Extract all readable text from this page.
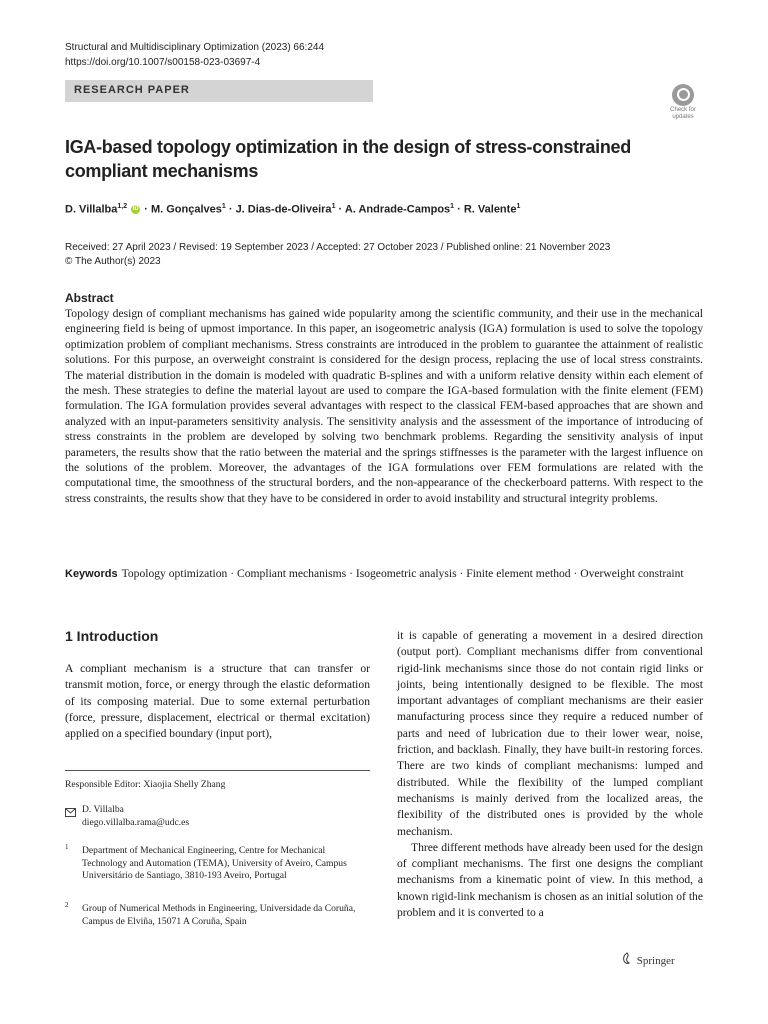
Structural and Multidisciplinary Optimization (2023) 66:244
https://doi.org/10.1007/s00158-023-03697-4
RESEARCH PAPER
Check for
updates
IGA-based topology optimization in the design of stress-constrained compliant mechanisms
D. Villalba$^{1,2}$ iD · M. Gonçalves$^1$ · J. Dias-de-Oliveira$^1$ · A. Andrade-Campos$^1$ · R. Valente$^1$
Received: 27 April 2023 / Revised: 19 September 2023 / Accepted: 27 October 2023 / Published online: 21 November 2023
© The Author(s) 2023
Abstract
Topology design of compliant mechanisms has gained wide popularity among the scientific community, and their use in the mechanical engineering field is being of upmost importance. In this paper, an isogeometric analysis (IGA) formulation is used to solve the topology optimization problem of compliant mechanisms. Stress constraints are introduced in the problem to guarantee the attainment of realistic solutions. For this purpose, an overweight constraint is considered for the design process, replacing the use of local stress constraints. The material distribution in the domain is modeled with quadratic B-splines and with a uniform relative density within each element of the mesh. These strategies to define the material layout are used to compare the IGA-based formulation with the finite element (FEM) formulation. The IGA formulation provides several advantages with respect to the classical FEM-based approaches that are shown and analyzed with an input-parameters sensitivity analysis. The sensitivity analysis and the assessment of the importance of introducing of stress constraints in the problem are developed by solving two benchmark problems. Regarding the sensitivity analysis of input parameters, the results show that the ratio between the material and the springs stiffnesses is the parameter with the largest influence on the solutions of the problem. Moreover, the advantages of the IGA formulations over FEM formulations are related with the computational time, the smoothness of the structural borders, and the non-appearance of the checkerboard patterns. With respect to the stress constraints, the results show that they have to be considered in order to avoid instability and structural integrity problems.
Keywords Topology optimization · Compliant mechanisms · Isogeometric analysis · Finite element method · Overweight constraint
1 Introduction
A compliant mechanism is a structure that can transfer or transmit motion, force, or energy through the elastic deformation of its composing material. Due to some external perturbation (force, pressure, displacement, electrical or thermal excitation) applied on a specified boundary (input port),
it is capable of generating a movement in a desired direction (output port). Compliant mechanisms differ from conventional rigid-link mechanisms since those do not contain rigid links or joints, being intentionally designed to be flexible. The most important advantages of compliant mechanisms are their easier manufacturing process since they require a reduced number of parts and need of lubrication due to their lower wear, noise, friction, and backlash. Finally, they have built-in restoring forces. There are two kinds of compliant mechanisms: lumped and distributed. While the flexibility of the lumped compliant mechanisms is mainly derived from the localized areas, the flexibility of the distributed ones is provided by the whole mechanism.
Three different methods have already been used for the design of compliant mechanisms. The first one designs the compliant mechanisms from a kinematic point of view. In this method, a known rigid-link mechanism is chosen as an initial solution of the problem and it is converted to a
Responsible Editor: Xiaojia Shelly Zhang
D. Villalba
diego.villalba.rama@udc.es
1 Department of Mechanical Engineering, Centre for Mechanical Technology and Automation (TEMA), University of Aveiro, Campus Universitário de Santiago, 3810-193 Aveiro, Portugal
2 Group of Numerical Methods in Engineering, Universidade da Coruña, Campus de Elviña, 15071 A Coruña, Spain
Springer
